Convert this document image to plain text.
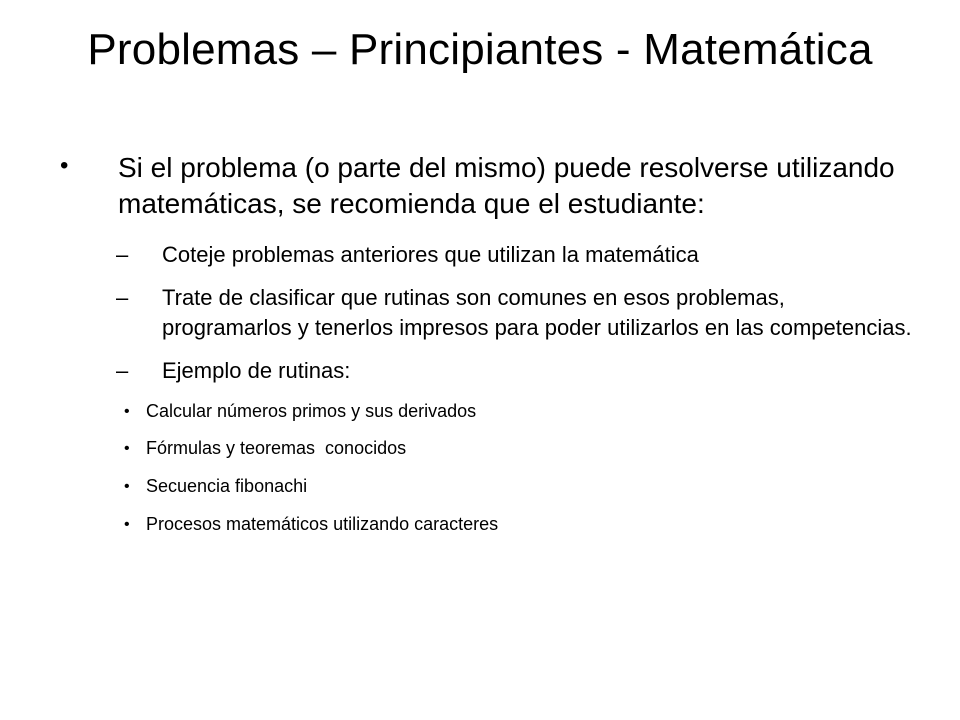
Problemas – Principiantes - Matemática
•	Si el problema (o parte del mismo) puede resolverse utilizando matemáticas, se recomienda que el estudiante:
–	Coteje problemas anteriores que utilizan la matemática
–	Trate de clasificar que rutinas son comunes en esos problemas, programarlos y tenerlos impresos para poder utilizarlos en las competencias.
–	Ejemplo de rutinas:
• Calcular números primos y sus derivados
• Fórmulas y teoremas  conocidos
• Secuencia fibonachi
• Procesos matemáticos utilizando caracteres
